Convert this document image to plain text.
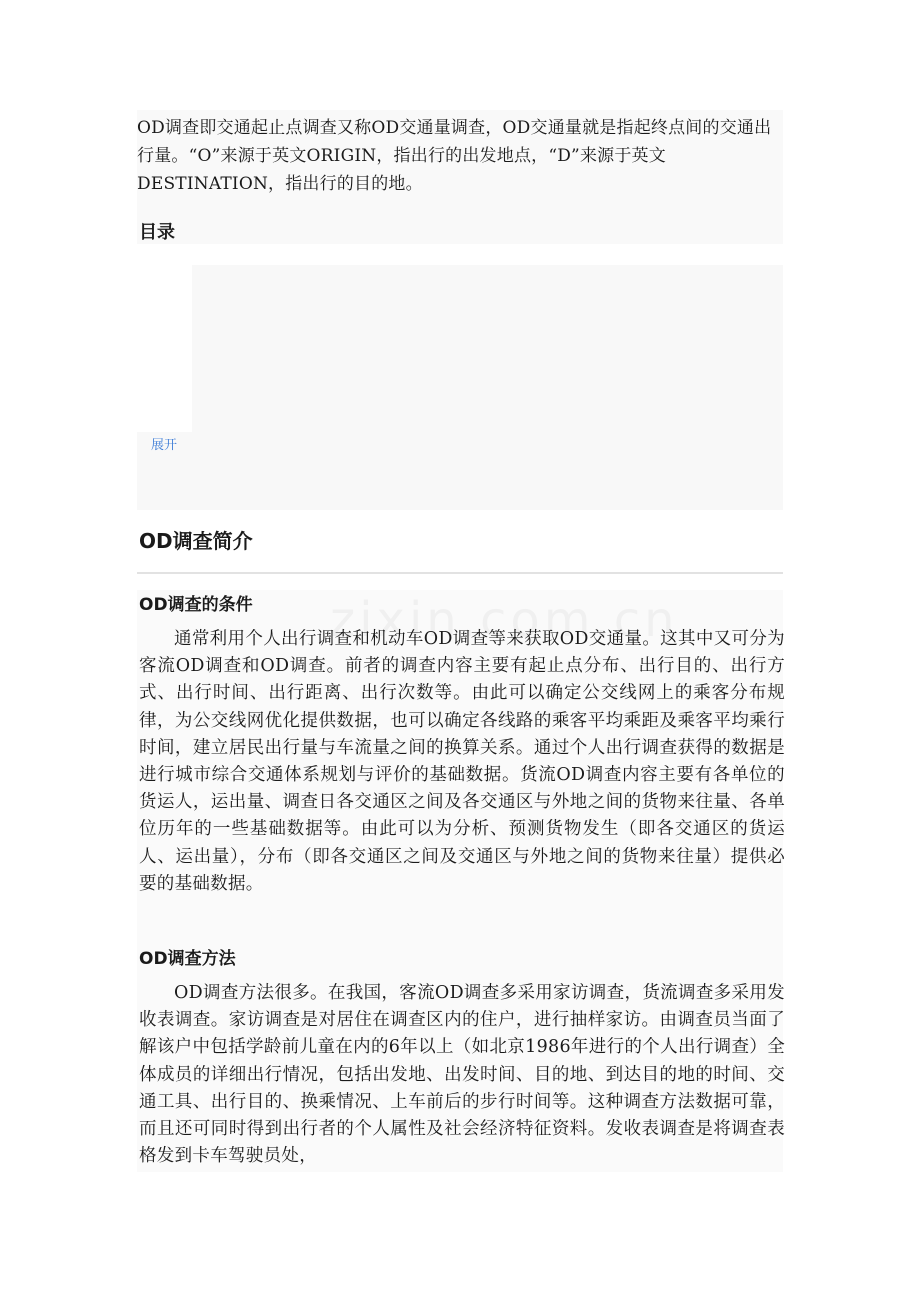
OD调查即交通起止点调查又称OD交通量调查，OD交通量就是指起终点间的交通出行量。“O”来源于英文ORIGIN，指出行的出发地点，“D”来源于英文DESTINATION，指出行的目的地。

目录
展开
OD调查简介
OD调查的条件

通常利用个人出行调查和机动车OD调查等来获取OD交通量。这其中又可分为客流OD调查和OD调查。前者的调查内容主要有起止点分布、出行目的、出行方式、出行时间、出行距离、出行次数等。由此可以确定公交线网上的乘客分布规律，为公交线网优化提供数据，也可以确定各线路的乘客平均乘距及乘客平均乘行时间，建立居民出行量与车流量之间的换算关系。通过个人出行调查获得的数据是进行城市综合交通体系规划与评价的基础数据。货流OD调查内容主要有各单位的货运人，运出量、调查日各交通区之间及各交通区与外地之间的货物来往量、各单位历年的一些基础数据等。由此可以为分析、预测货物发生（即各交通区的货运人、运出量），分布（即各交通区之间及交通区与外地之间的货物来往量）提供必要的基础数据。

OD调查方法

OD调查方法很多。在我国，客流OD调查多采用家访调查，货流调查多采用发收表调查。家访调查是对居住在调查区内的住户，进行抽样家访。由调查员当面了解该户中包括学龄前儿童在内的6年以上（如北京1986年进行的个人出行调查）全体成员的详细出行情况，包括出发地、出发时间、目的地、到达目的地的时间、交通工具、出行目的、换乘情况、上车前后的步行时间等。这种调查方法数据可靠，而且还可同时得到出行者的个人属性及社会经济特征资料。发收表调查是将调查表格发到卡车驾驶员处，
